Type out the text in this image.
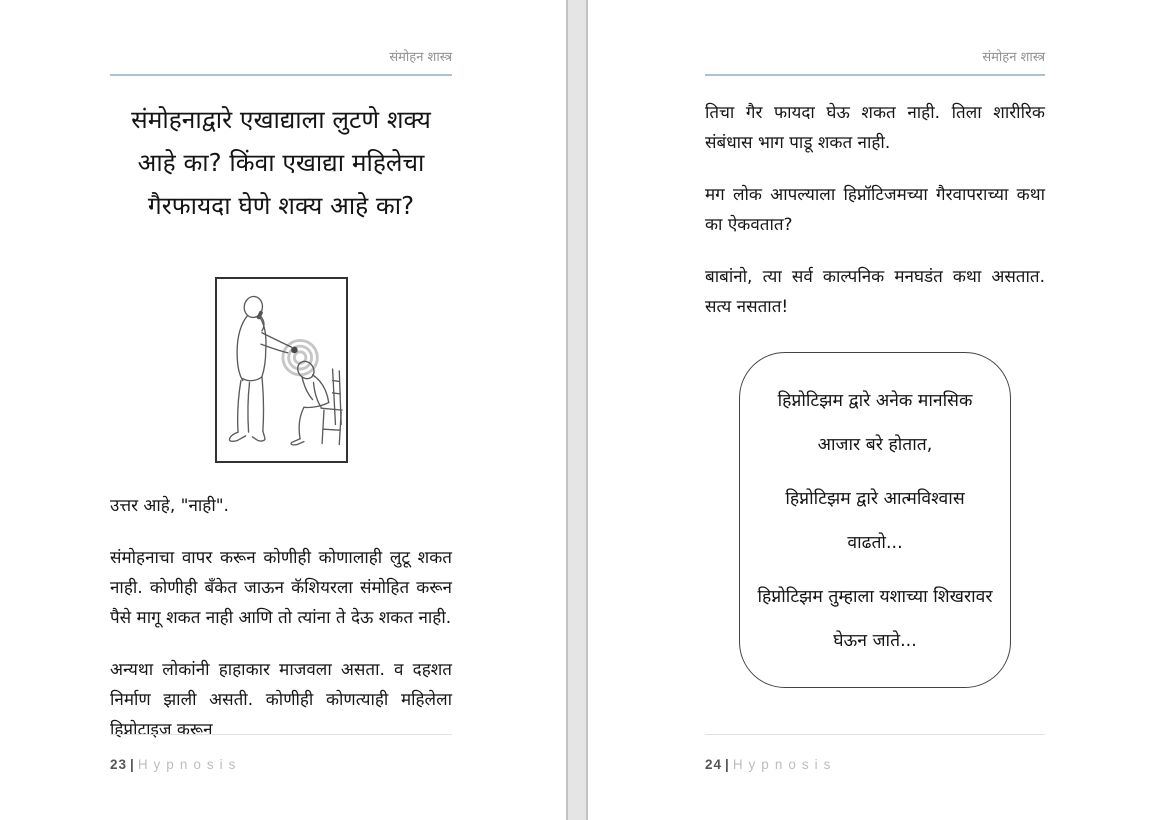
संमोहन शास्त्र
संमोहनाद्वारे एखाद्याला लुटणे शक्य आहे का? किंवा एखाद्या महिलेचा गैरफायदा घेणे शक्य आहे का?

उत्तर आहे, "नाही".

संमोहनाचा वापर करून कोणीही कोणालाही लुटू शकत नाही. कोणीही बँकेत जाऊन कॅशियरला संमोहित करून पैसे मागू शकत नाही आणि तो त्यांना ते देऊ शकत नाही.

अन्यथा लोकांनी हाहाकार माजवला असता. व दहशत निर्माण झाली असती. कोणीही कोणत्याही महिलेला हिप्नोटाइज करून

23 | Hypnosis
संमोहन शास्त्र

तिचा गैर फायदा घेऊ शकत नाही. तिला शारीरिक संबंधास भाग पाडू शकत नाही.

मग लोक आपल्याला हिप्नॉटिजमच्या गैरवापराच्या कथा का ऐकवतात?

बाबांनो, त्या सर्व काल्पनिक मनघडंत कथा असतात. सत्य नसतात!

हिप्नोटिझम द्वारे अनेक मानसिक आजार बरे होतात,

हिप्नोटिझम द्वारे आत्मविश्वास वाढतो...

हिप्नोटिझम तुम्हाला यशाच्या शिखरावर घेऊन जाते...

24 | Hypnosis
